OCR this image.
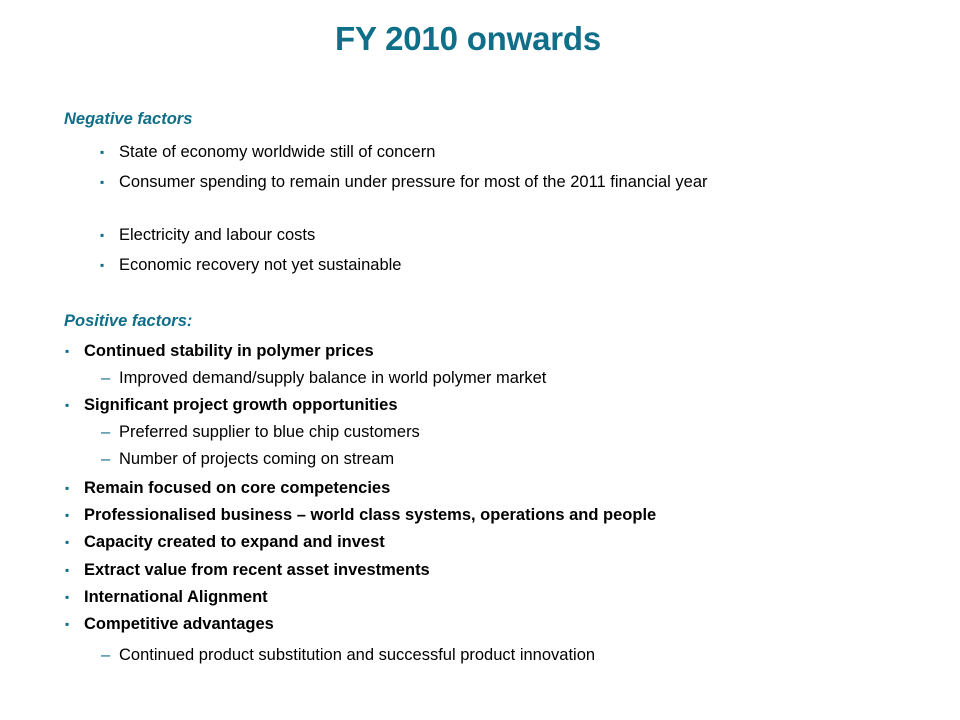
FY 2010 onwards
Negative factors
▪ State of economy worldwide still of concern
▪ Consumer spending to remain under pressure for most of the 2011 financial year
▪ Electricity and labour costs
▪ Economic recovery not yet sustainable
Positive factors:
▪ Continued stability in polymer prices
– Improved demand/supply balance in world polymer market
▪ Significant project growth opportunities
– Preferred supplier to blue chip customers
– Number of projects coming on stream
▪ Remain focused on core competencies
▪ Professionalised business – world class systems, operations and people
▪ Capacity created to expand and invest
▪ Extract value from recent asset investments
▪ International Alignment
▪ Competitive advantages
– Continued product substitution and successful product innovation
